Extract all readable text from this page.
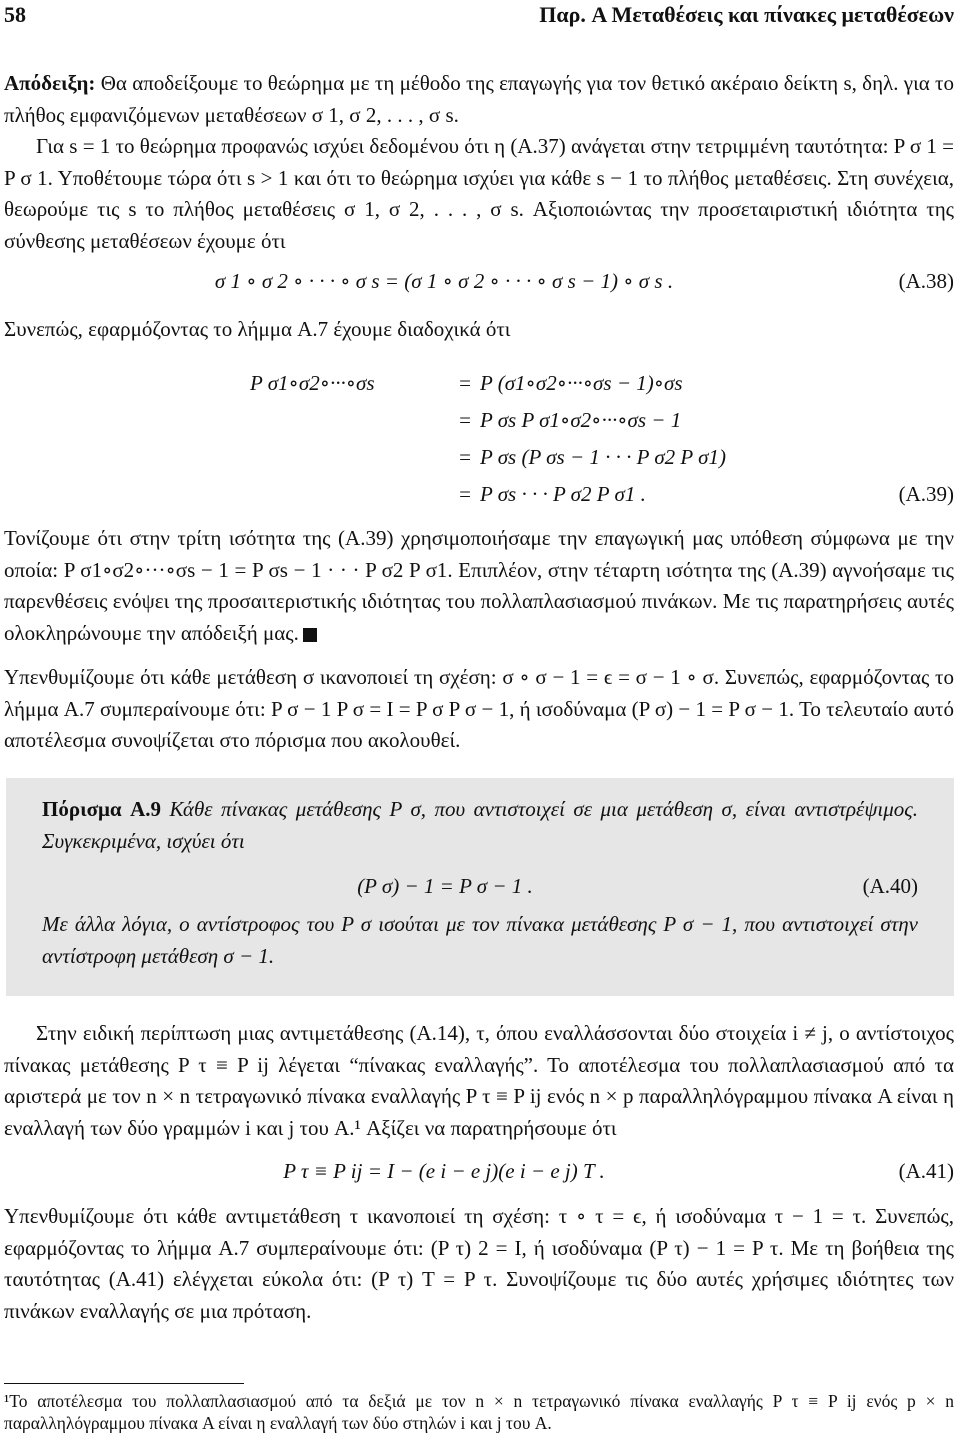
58	Παρ. A Μεταθέσεις και πίνακες μεταθέσεων

Απόδειξη: Θα αποδείξουμε το θεώρημα με τη μέθοδο της επαγωγής για τον θετικό ακέραιο δείκτη s, δηλ. για το πλήθος εμφανιζόμενων μεταθέσεων σ 1, σ 2, . . . , σ s.

Για s = 1 το θεώρημα προφανώς ισχύει δεδομένου ότι η (A.37) ανάγεται στην τετριμμένη ταυτότητα: P σ 1 = P σ 1. Υποθέτουμε τώρα ότι s > 1 και ότι το θεώρημα ισχύει για κάθε s − 1 το πλήθος μεταθέσεις. Στη συνέχεια, θεωρούμε τις s το πλήθος μεταθέσεις σ 1, σ 2, . . . , σ s. Αξιοποιώντας την προσεταιριστική ιδιότητα της σύνθεσης μεταθέσεων έχουμε ότι

σ 1 ∘ σ 2 ∘ · · · ∘ σ s = (σ 1 ∘ σ 2 ∘ · · · ∘ σ s − 1) ∘ σ s .	(A.38)

Συνεπώς, εφαρμόζοντας το λήμμα A.7 έχουμε διαδοχικά ότι

P σ1∘σ2∘···∘σs	= P (σ1∘σ2∘···∘σs − 1)∘σs
= P σs P σ1∘σ2∘···∘σs − 1
= P σs (P σs − 1 · · · P σ2 P σ1)
= P σs · · · P σ2 P σ1 .	(A.39)

Τονίζουμε ότι στην τρίτη ισότητα της (A.39) χρησιμοποιήσαμε την επαγωγική μας υπόθεση σύμφωνα με την οποία: P σ1∘σ2∘···∘σs − 1 = P σs − 1 · · · P σ2 P σ1. Επιπλέον, στην τέταρτη ισότητα της (A.39) αγνοήσαμε τις παρενθέσεις ενόψει της προσαιτεριστικής ιδιότητας του πολλαπλασιασμού πινάκων. Με τις παρατηρήσεις αυτές ολοκληρώνουμε την απόδειξή μας.

Υπενθυμίζουμε ότι κάθε μετάθεση σ ικανοποιεί τη σχέση: σ ∘ σ − 1 = ϵ = σ − 1 ∘ σ. Συνεπώς, εφαρμόζοντας το λήμμα A.7 συμπεραίνουμε ότι: P σ − 1 P σ = I = P σ P σ − 1, ή ισοδύναμα (P σ) − 1 = P σ − 1. Το τελευταίο αυτό αποτέλεσμα συνοψίζεται στο πόρισμα που ακολουθεί.

Πόρισμα A.9 Κάθε πίνακας μετάθεσης P σ, που αντιστοιχεί σε μια μετάθεση σ, είναι αντιστρέψιμος. Συγκεκριμένα, ισχύει ότι

(P σ) − 1 = P σ − 1 .	(A.40)

Με άλλα λόγια, ο αντίστροφος του P σ ισούται με τον πίνακα μετάθεσης P σ − 1, που αντιστοιχεί στην αντίστροφη μετάθεση σ − 1.

Στην ειδική περίπτωση μιας αντιμετάθεσης (A.14), τ, όπου εναλλάσσονται δύο στοιχεία i ≠ j, ο αντίστοιχος πίνακας μετάθεσης P τ ≡ P ij λέγεται “πίνακας εναλλαγής”. Το αποτέλεσμα του πολλαπλασιασμού από τα αριστερά με τον n × n τετραγωνικό πίνακα εναλλαγής P τ ≡ P ij ενός n × p παραλληλόγραμμου πίνακα A είναι η εναλλαγή των δύο γραμμών i και j του A.¹ Αξίζει να παρατηρήσουμε ότι

P τ ≡ P ij = I − (e i − e j)(e i − e j) T .	(A.41)

Υπενθυμίζουμε ότι κάθε αντιμετάθεση τ ικανοποιεί τη σχέση: τ ∘ τ = ϵ, ή ισοδύναμα τ − 1 = τ. Συνεπώς, εφαρμόζοντας το λήμμα A.7 συμπεραίνουμε ότι: (P τ) 2 = I, ή ισοδύναμα (P τ) − 1 = P τ. Με τη βοήθεια της ταυτότητας (A.41) ελέγχεται εύκολα ότι: (P τ) T = P τ. Συνοψίζουμε τις δύο αυτές χρήσιμες ιδιότητες των πινάκων εναλλαγής σε μια πρόταση.

¹Το αποτέλεσμα του πολλαπλασιασμού από τα δεξιά με τον n × n τετραγωνικό πίνακα εναλλαγής P τ ≡ P ij ενός p × n παραλληλόγραμμου πίνακα A είναι η εναλλαγή των δύο στηλών i και j του A.
